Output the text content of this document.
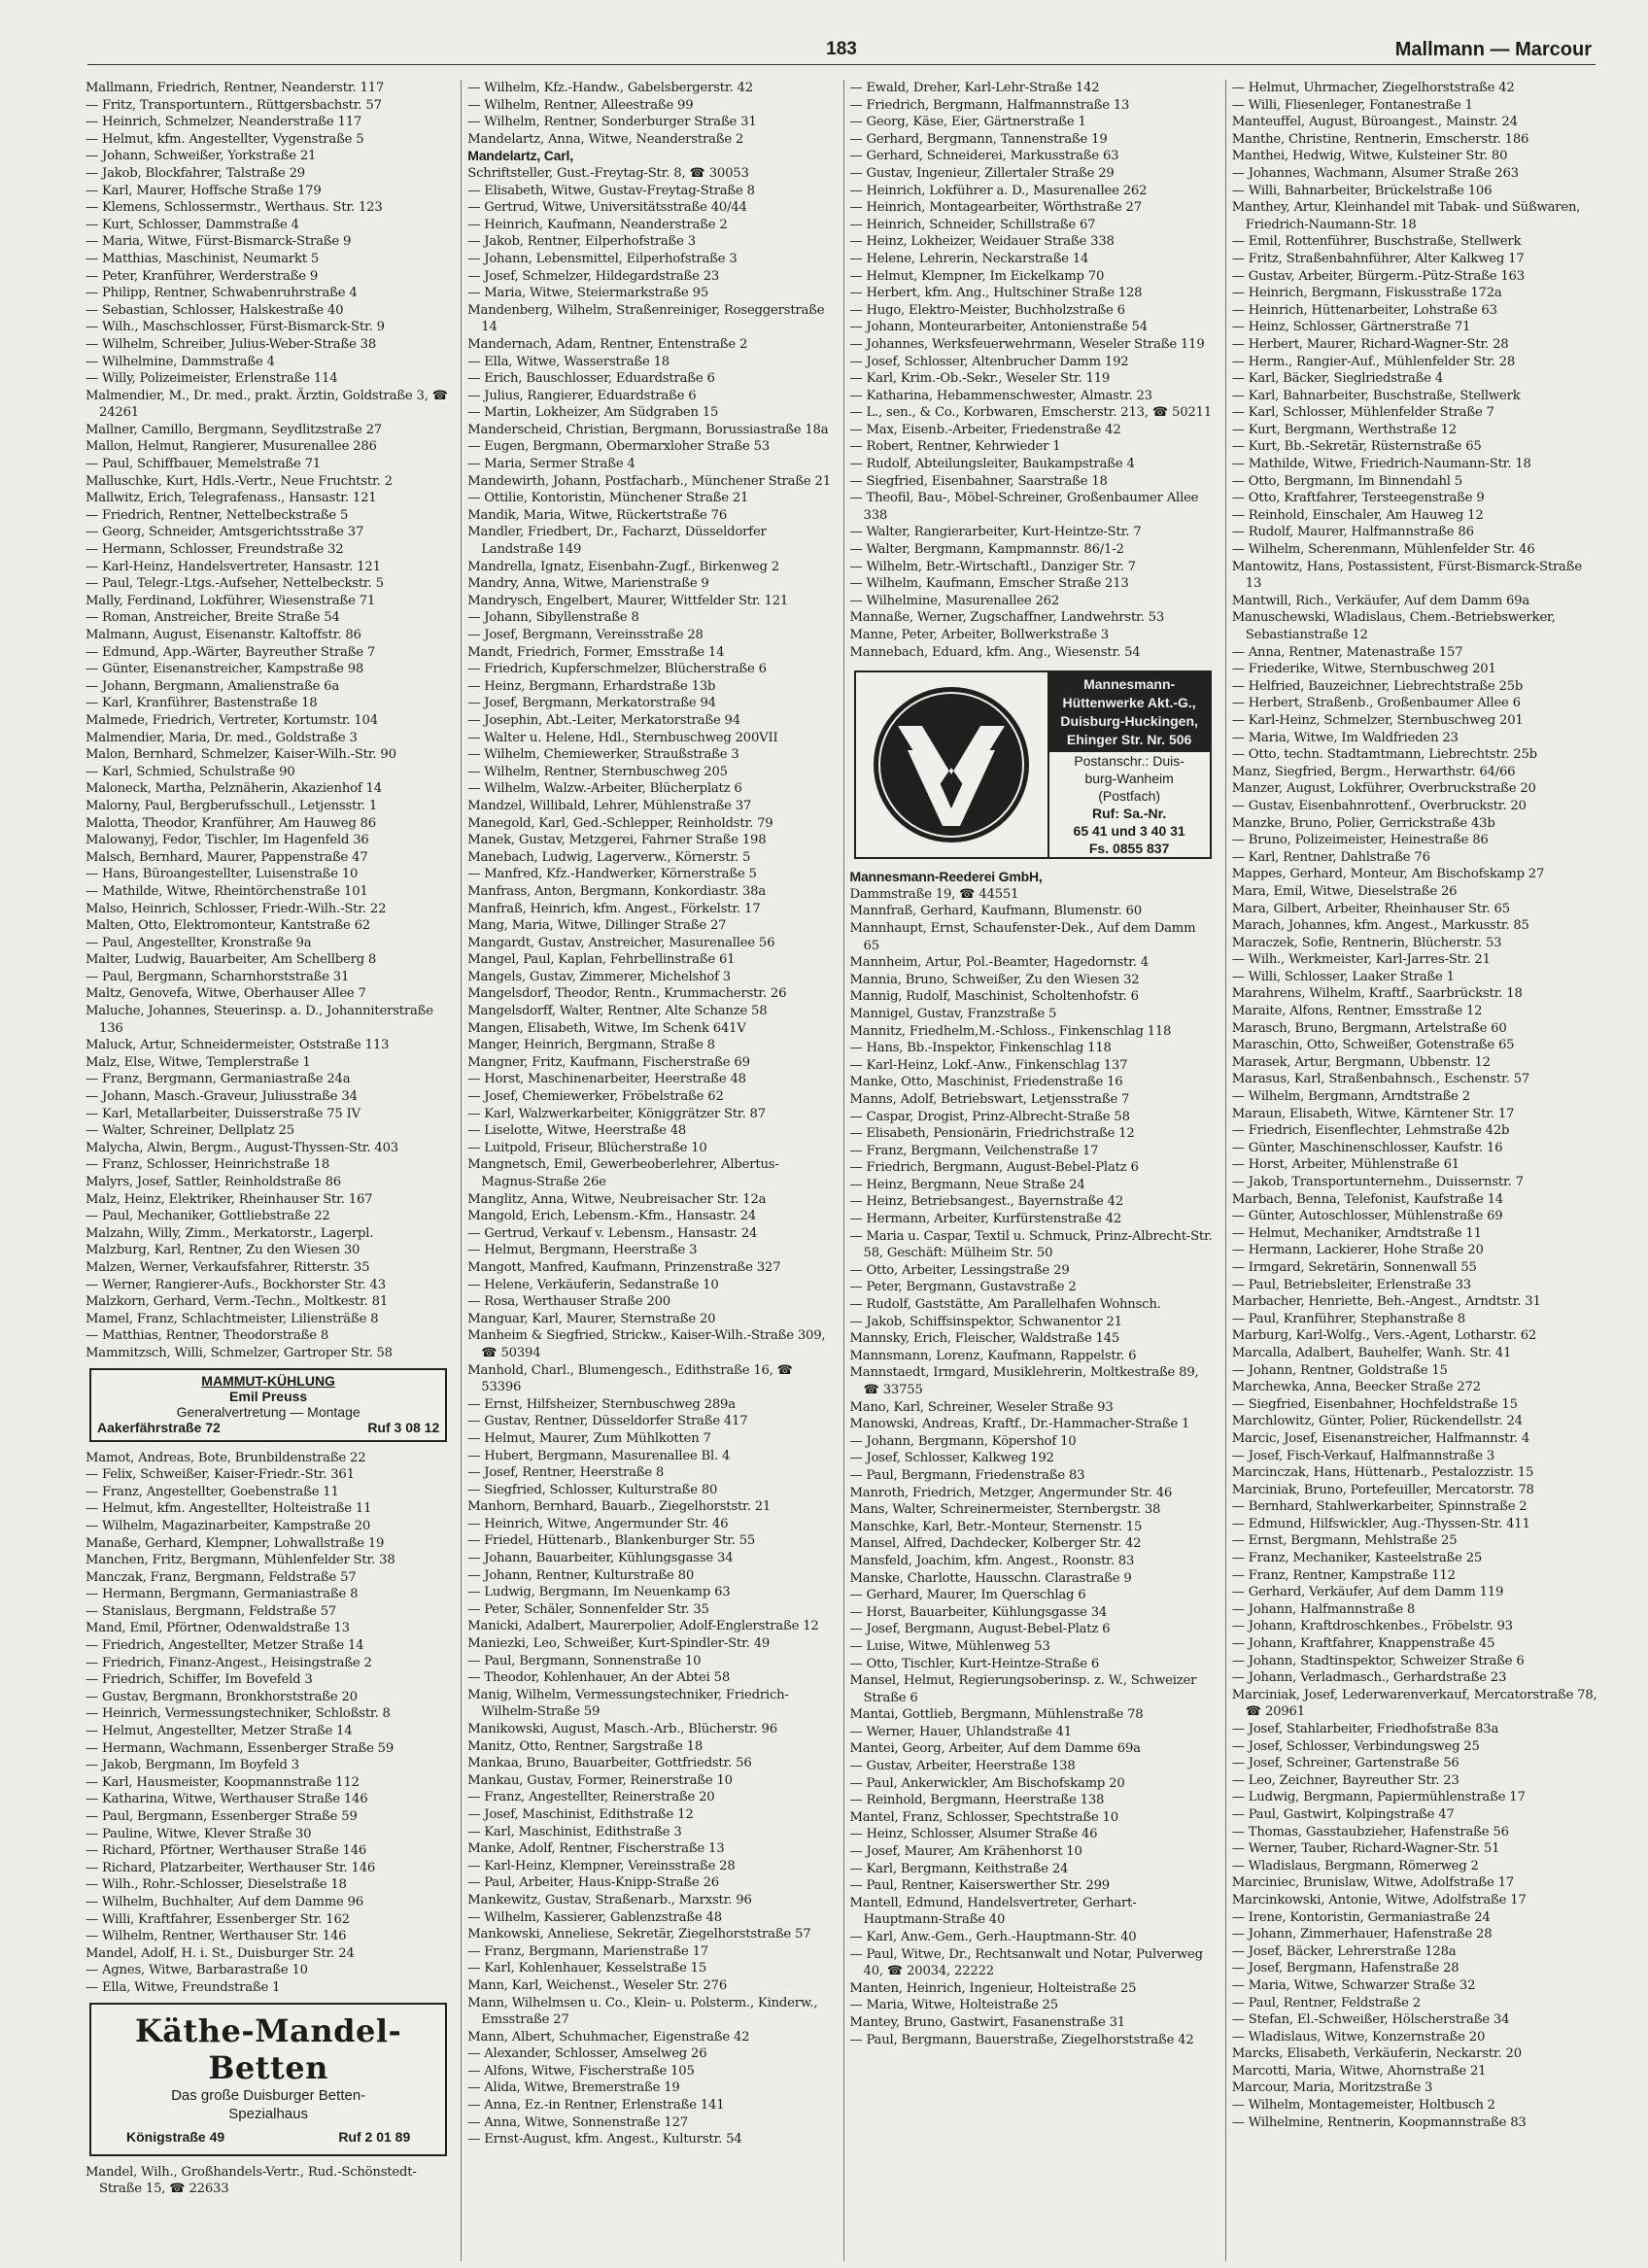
183	Mallmann — Marcour
Mallmann, Friedrich, Rentner, Neanderstr. 117
— Fritz, Transportuntern., Rüttgersbachstr. 57
— Heinrich, Schmelzer, Neanderstraße 117
— Helmut, kfm. Angestellter, Vygenstraße 5
— Johann, Schweißer, Yorkstraße 21
— Jakob, Blockfahrer, Talstraße 29
— Karl, Maurer, Hoffsche Straße 179
— Klemens, Schlossermstr., Werthaus. Str. 123
— Kurt, Schlosser, Dammstraße 4
— Maria, Witwe, Fürst-Bismarck-Straße 9
— Matthias, Maschinist, Neumarkt 5
— Peter, Kranführer, Werderstraße 9
— Philipp, Rentner, Schwabenruhrstraße 4
— Sebastian, Schlosser, Halskestraße 40
— Wilh., Maschschlosser, Fürst-Bismarck-Str. 9
— Wilhelm, Schreiber, Julius-Weber-Straße 38
— Wilhelmine, Dammstraße 4
— Willy, Polizeimeister, Erlenstraße 114
Malmendier, M., Dr. med., prakt. Ärztin, Goldstraße 3, ☎ 24261
Mallner, Camillo, Bergmann, Seydlitzstraße 27
Mallon, Helmut, Rangierer, Musurenallee 286
— Paul, Schiffbauer, Memelstraße 71
Malluschke, Kurt, Hdls.-Vertr., Neue Fruchtstr. 2
Mallwitz, Erich, Telegrafenass., Hansastr. 121
— Friedrich, Rentner, Nettelbeckstraße 5
— Georg, Schneider, Amtsgerichtsstraße 37
— Hermann, Schlosser, Freundstraße 32
— Karl-Heinz, Handelsvertreter, Hansastr. 121
— Paul, Telegr.-Ltgs.-Aufseher, Nettelbeckstr. 5
Mally, Ferdinand, Lokführer, Wiesenstraße 71
— Roman, Anstreicher, Breite Straße 54
Malmann, August, Eisenanstr. Kaltoffstr. 86
— Edmund, App.-Wärter, Bayreuther Straße 7
— Günter, Eisenanstreicher, Kampstraße 98
— Johann, Bergmann, Amalienstraße 6a
— Karl, Kranführer, Bastenstraße 18
Malmede, Friedrich, Vertreter, Kortumstr. 104
Malmendier, Maria, Dr. med., Goldstraße 3
Malon, Bernhard, Schmelzer, Kaiser-Wilh.-Str. 90
— Karl, Schmied, Schulstraße 90
Maloneck, Martha, Pelznäherin, Akazienhof 14
Malorny, Paul, Bergberufsschull., Letjensstr. 1
Malotta, Theodor, Kranführer, Am Hauweg 86
Malowanyj, Fedor, Tischler, Im Hagenfeld 36
Malsch, Bernhard, Maurer, Pappenstraße 47
— Hans, Büroangestellter, Luisenstraße 10
— Mathilde, Witwe, Rheintörchenstraße 101
Malso, Heinrich, Schlosser, Friedr.-Wilh.-Str. 22
Malten, Otto, Elektromonteur, Kantstraße 62
— Paul, Angestellter, Kronstraße 9a
Malter, Ludwig, Bauarbeiter, Am Schellberg 8
— Paul, Bergmann, Scharnhorststraße 31
Maltz, Genovefa, Witwe, Oberhauser Allee 7
Maluche, Johannes, Steuerinsp. a. D., Johanniterstraße 136
Maluck, Artur, Schneidermeister, Oststraße 113
Malz, Else, Witwe, Templerstraße 1
— Franz, Bergmann, Germaniastraße 24a
— Johann, Masch.-Graveur, Juliusstraße 34
— Karl, Metallarbeiter, Duisserstraße 75 IV
— Walter, Schreiner, Dellplatz 25
Malycha, Alwin, Bergm., August-Thyssen-Str. 403
— Franz, Schlosser, Heinrichstraße 18
Malyrs, Josef, Sattler, Reinholdstraße 86
Malz, Heinz, Elektriker, Rheinhauser Str. 167
— Paul, Mechaniker, Gottliebstraße 22
Malzahn, Willy, Zimm., Merkatorstr., Lagerpl.
Malzburg, Karl, Rentner, Zu den Wiesen 30
Malzen, Werner, Verkaufsfahrer, Ritterstr. 35
— Werner, Rangierer-Aufs., Bockhorster Str. 43
Malzkorn, Gerhard, Verm.-Techn., Moltkestr. 81
Mamel, Franz, Schlachtmeister, Liliensträße 8
— Matthias, Rentner, Theodorstraße 8
Mammitzsch, Willi, Schmelzer, Gartroper Str. 58
MAMMUT-KÜHLUNG
Emil Preuss
Generalvertretung — Montage
Aakerfährstraße 72	Ruf 3 08 12
Mamot, Andreas, Bote, Brunbildenstraße 22
— Felix, Schweißer, Kaiser-Friedr.-Str. 361
— Franz, Angestellter, Goebenstraße 11
— Helmut, kfm. Angestellter, Holteistraße 11
— Wilhelm, Magazinarbeiter, Kampstraße 20
Manaße, Gerhard, Klempner, Lohwallstraße 19
Manchen, Fritz, Bergmann, Mühlenfelder Str. 38
Manczak, Franz, Bergmann, Feldstraße 57
— Hermann, Bergmann, Germaniastraße 8
— Stanislaus, Bergmann, Feldstraße 57
Mand, Emil, Pförtner, Odenwaldstraße 13
— Friedrich, Angestellter, Metzer Straße 14
— Friedrich, Finanz-Angest., Heisingstraße 2
— Friedrich, Schiffer, Im Bovefeld 3
— Gustav, Bergmann, Bronkhorststraße 20
— Heinrich, Vermessungstechniker, Schloßstr. 8
— Helmut, Angestellter, Metzer Straße 14
— Hermann, Wachmann, Essenberger Straße 59
— Jakob, Bergmann, Im Boyfeld 3
— Karl, Hausmeister, Koopmannstraße 112
— Katharina, Witwe, Werthauser Straße 146
— Paul, Bergmann, Essenberger Straße 59
— Pauline, Witwe, Klever Straße 30
— Richard, Pförtner, Werthauser Straße 146
— Richard, Platzarbeiter, Werthauser Str. 146
— Wilh., Rohr.-Schlosser, Dieselstraße 18
— Wilhelm, Buchhalter, Auf dem Damme 96
— Willi, Kraftfahrer, Essenberger Str. 162
— Wilhelm, Rentner, Werthauser Str. 146
Mandel, Adolf, H. i. St., Duisburger Str. 24
— Agnes, Witwe, Barbarastraße 10
— Ella, Witwe, Freundstraße 1
Käthe-Mandel-Betten
Das große Duisburger Betten-
Spezialhaus
Königstraße 49	Ruf 2 01 89
Mandel, Wilh., Großhandels-Vertr., Rud.-Schönstedt-Straße 15, ☎ 22633
— Wilhelm, Kfz.-Handw., Gabelsbergerstr. 42
— Wilhelm, Rentner, Alleestraße 99
— Wilhelm, Rentner, Sonderburger Straße 31
Mandelartz, Anna, Witwe, Neanderstraße 2
Mandelartz, Carl,
Schriftsteller, Gust.-Freytag-Str. 8, ☎ 30053
— Elisabeth, Witwe, Gustav-Freytag-Straße 8
— Gertrud, Witwe, Universitätsstraße 40/44
— Heinrich, Kaufmann, Neanderstraße 2
— Jakob, Rentner, Eilperhofstraße 3
— Johann, Lebensmittel, Eilperhofstraße 3
— Josef, Schmelzer, Hildegardstraße 23
— Maria, Witwe, Steiermarkstraße 95
Mandenberg, Wilhelm, Straßenreiniger, Roseggerstraße 14
Mandernach, Adam, Rentner, Entenstraße 2
— Ella, Witwe, Wasserstraße 18
— Erich, Bauschlosser, Eduardstraße 6
— Julius, Rangierer, Eduardstraße 6
— Martin, Lokheizer, Am Südgraben 15
Manderscheid, Christian, Bergmann, Borussiastraße 18a
— Eugen, Bergmann, Obermarxloher Straße 53
— Maria, Sermer Straße 4
Mandewirth, Johann, Postfacharb., Münchener Straße 21
— Ottilie, Kontoristin, Münchener Straße 21
Mandik, Maria, Witwe, Rückertstraße 76
Mandler, Friedbert, Dr., Facharzt, Düsseldorfer Landstraße 149
Mandrella, Ignatz, Eisenbahn-Zugf., Birkenweg 2
Mandry, Anna, Witwe, Marienstraße 9
Mandrysch, Engelbert, Maurer, Wittfelder Str. 121
— Johann, Sibyllenstraße 8
— Josef, Bergmann, Vereinsstraße 28
Mandt, Friedrich, Former, Emsstraße 14
— Friedrich, Kupferschmelzer, Blücherstraße 6
— Heinz, Bergmann, Erhardstraße 13b
— Josef, Bergmann, Merkatorstraße 94
— Josephin, Abt.-Leiter, Merkatorstraße 94
— Walter u. Helene, Hdl., Sternbuschweg 200VII
— Wilhelm, Chemiewerker, Straußstraße 3
— Wilhelm, Rentner, Sternbuschweg 205
— Wilhelm, Walzw.-Arbeiter, Blücherplatz 6
Mandzel, Willibald, Lehrer, Mühlenstraße 37
Manegold, Karl, Ged.-Schlepper, Reinholdstr. 79
Manek, Gustav, Metzgerei, Fahrner Straße 198
Manebach, Ludwig, Lagerverw., Körnerstr. 5
— Manfred, Kfz.-Handwerker, Körnerstraße 5
Manfrass, Anton, Bergmann, Konkordiastr. 38a
Manfraß, Heinrich, kfm. Angest., Förkelstr. 17
Mang, Maria, Witwe, Dillinger Straße 27
Mangardt, Gustav, Anstreicher, Masurenallee 56
Mangel, Paul, Kaplan, Fehrbellinstraße 61
Mangels, Gustav, Zimmerer, Michelshof 3
Mangelsdorf, Theodor, Rentn., Krummacherstr. 26
Mangelsdorff, Walter, Rentner, Alte Schanze 58
Mangen, Elisabeth, Witwe, Im Schenk 641V
Manger, Heinrich, Bergmann, Straße 8
Mangner, Fritz, Kaufmann, Fischerstraße 69
— Horst, Maschinenarbeiter, Heerstraße 48
— Josef, Chemiewerker, Fröbelstraße 62
— Karl, Walzwerkarbeiter, Königgrätzer Str. 87
— Liselotte, Witwe, Heerstraße 48
— Luitpold, Friseur, Blücherstraße 10
Mangnetsch, Emil, Gewerbeoberlehrer, Albertus-Magnus-Straße 26e
Manglitz, Anna, Witwe, Neubreisacher Str. 12a
Mangold, Erich, Lebensm.-Kfm., Hansastr. 24
— Gertrud, Verkauf v. Lebensm., Hansastr. 24
— Helmut, Bergmann, Heerstraße 3
Mangott, Manfred, Kaufmann, Prinzenstraße 327
— Helene, Verkäuferin, Sedanstraße 10
— Rosa, Werthauser Straße 200
Manguar, Karl, Maurer, Sternstraße 20
Manheim & Siegfried, Strickw., Kaiser-Wilh.-Straße 309, ☎ 50394
Manhold, Charl., Blumengesch., Edithstraße 16, ☎ 53396
— Ernst, Hilfsheizer, Sternbuschweg 289a
— Gustav, Rentner, Düsseldorfer Straße 417
— Helmut, Maurer, Zum Mühlkotten 7
— Hubert, Bergmann, Masurenallee Bl. 4
— Josef, Rentner, Heerstraße 8
— Siegfried, Schlosser, Kulturstraße 80
Manhorn, Bernhard, Bauarb., Ziegelhorststr. 21
— Heinrich, Witwe, Angermunder Str. 46
— Friedel, Hüttenarb., Blankenburger Str. 55
— Johann, Bauarbeiter, Kühlungsgasse 34
— Johann, Rentner, Kulturstraße 80
— Ludwig, Bergmann, Im Neuenkamp 63
— Peter, Schäler, Sonnenfelder Str. 35
Manicki, Adalbert, Maurerpolier, Adolf-Englerstraße 12
Maniezki, Leo, Schweißer, Kurt-Spindler-Str. 49
— Paul, Bergmann, Sonnenstraße 10
— Theodor, Kohlenhauer, An der Abtei 58
Manig, Wilhelm, Vermessungstechniker, Friedrich-Wilhelm-Straße 59
Manikowski, August, Masch.-Arb., Blücherstr. 96
Manitz, Otto, Rentner, Sargstraße 18
Mankaa, Bruno, Bauarbeiter, Gottfriedstr. 56
Mankau, Gustav, Former, Reinerstraße 10
— Franz, Angestellter, Reinerstraße 20
— Josef, Maschinist, Edithstraße 12
— Karl, Maschinist, Edithstraße 3
Manke, Adolf, Rentner, Fischerstraße 13
— Karl-Heinz, Klempner, Vereinsstraße 28
— Paul, Arbeiter, Haus-Knipp-Straße 26
Mankewitz, Gustav, Straßenarb., Marxstr. 96
— Wilhelm, Kassierer, Gablenzstraße 48
Mankowski, Anneliese, Sekretär, Ziegelhorststraße 57
— Franz, Bergmann, Marienstraße 17
— Karl, Kohlenhauer, Kesselstraße 15
Mann, Karl, Weichenst., Weseler Str. 276
Mann, Wilhelmsen u. Co., Klein- u. Polsterm., Kinderw., Emsstraße 27
Mann, Albert, Schuhmacher, Eigenstraße 42
— Alexander, Schlosser, Amselweg 26
— Alfons, Witwe, Fischerstraße 105
— Alida, Witwe, Bremerstraße 19
— Anna, Ez.-in Rentner, Erlenstraße 141
— Anna, Witwe, Sonnenstraße 127
— Ernst-August, kfm. Angest., Kulturstr. 54
— Ewald, Dreher, Karl-Lehr-Straße 142
— Friedrich, Bergmann, Halfmannstraße 13
— Georg, Käse, Eier, Gärtnerstraße 1
— Gerhard, Bergmann, Tannenstraße 19
— Gerhard, Schneiderei, Markusstraße 63
— Gustav, Ingenieur, Zillertaler Straße 29
— Heinrich, Lokführer a. D., Masurenallee 262
— Heinrich, Montagearbeiter, Wörthstraße 27
— Heinrich, Schneider, Schillstraße 67
— Heinz, Lokheizer, Weidauer Straße 338
— Helene, Lehrerin, Neckarstraße 14
— Helmut, Klempner, Im Eickelkamp 70
— Herbert, kfm. Ang., Hultschiner Straße 128
— Hugo, Elektro-Meister, Buchholzstraße 6
— Johann, Monteurarbeiter, Antonienstraße 54
— Johannes, Werksfeuerwehrmann, Weseler Straße 119
— Josef, Schlosser, Altenbrucher Damm 192
— Karl, Krim.-Ob.-Sekr., Weseler Str. 119
— Katharina, Hebammenschwester, Almastr. 23
— L., sen., & Co., Korbwaren, Emscherstr. 213, ☎ 50211
— Max, Eisenb.-Arbeiter, Friedenstraße 42
— Robert, Rentner, Kehrwieder 1
— Rudolf, Abteilungsleiter, Baukampstraße 4
— Siegfried, Eisenbahner, Saarstraße 18
— Theofil, Bau-, Möbel-Schreiner, Großenbaumer Allee 338
— Walter, Rangierarbeiter, Kurt-Heintze-Str. 7
— Walter, Bergmann, Kampmannstr. 86/1-2
— Wilhelm, Betr.-Wirtschaftl., Danziger Str. 7
— Wilhelm, Kaufmann, Emscher Straße 213
— Wilhelmine, Masurenallee 262
Mannaße, Werner, Zugschaffner, Landwehrstr. 53
Manne, Peter, Arbeiter, Bollwerkstraße 3
Mannebach, Eduard, kfm. Ang., Wiesenstr. 54
Mannesmann-Hüttenwerke Akt.-G., Duisburg-Huckingen, Ehinger Str. Nr. 506
Postanschr.: Duis-
burg-Wanheim
(Postfach)
Ruf: Sa.-Nr.
65 41 und 3 40 31
Fs. 0855 837
Mannesmann-Reederei GmbH,
Dammstraße 19, ☎ 44551
Mannfraß, Gerhard, Kaufmann, Blumenstr. 60
Mannhaupt, Ernst, Schaufenster-Dek., Auf dem Damm 65
Mannheim, Artur, Pol.-Beamter, Hagedornstr. 4
Mannia, Bruno, Schweißer, Zu den Wiesen 32
Mannig, Rudolf, Maschinist, Scholtenhofstr. 6
Mannigel, Gustav, Franzstraße 5
Mannitz, Friedhelm,M.-Schloss., Finkenschlag 118
— Hans, Bb.-Inspektor, Finkenschlag 118
— Karl-Heinz, Lokf.-Anw., Finkenschlag 137
Manke, Otto, Maschinist, Friedenstraße 16
Manns, Adolf, Betriebswart, Letjensstraße 7
— Caspar, Drogist, Prinz-Albrecht-Straße 58
— Elisabeth, Pensionärin, Friedrichstraße 12
— Franz, Bergmann, Veilchenstraße 17
— Friedrich, Bergmann, August-Bebel-Platz 6
— Heinz, Bergmann, Neue Straße 24
— Heinz, Betriebsangest., Bayernstraße 42
— Hermann, Arbeiter, Kurfürstenstraße 42
— Maria u. Caspar, Textil u. Schmuck, Prinz-Albrecht-Str. 58, Geschäft: Mülheim Str. 50
— Otto, Arbeiter, Lessingstraße 29
— Peter, Bergmann, Gustavstraße 2
— Rudolf, Gaststätte, Am Parallelhafen Wohnsch.
— Jakob, Schiffsinspektor, Schwanentor 21
Mannsky, Erich, Fleischer, Waldstraße 145
Mannsmann, Lorenz, Kaufmann, Rappelstr. 6
Mannstaedt, Irmgard, Musiklehrerin, Moltkestraße 89, ☎ 33755
Mano, Karl, Schreiner, Weseler Straße 93
Manowski, Andreas, Kraftf., Dr.-Hammacher-Straße 1
— Johann, Bergmann, Köpershof 10
— Josef, Schlosser, Kalkweg 192
— Paul, Bergmann, Friedenstraße 83
Manroth, Friedrich, Metzger, Angermunder Str. 46
Mans, Walter, Schreinermeister, Sternbergstr. 38
Manschke, Karl, Betr.-Monteur, Sternenstr. 15
Mansel, Alfred, Dachdecker, Kolberger Str. 42
Mansfeld, Joachim, kfm. Angest., Roonstr. 83
Manske, Charlotte, Hausschn. Clarastraße 9
— Gerhard, Maurer, Im Querschlag 6
— Horst, Bauarbeiter, Kühlungsgasse 34
— Josef, Bergmann, August-Bebel-Platz 6
— Luise, Witwe, Mühlenweg 53
— Otto, Tischler, Kurt-Heintze-Straße 6
Mansel, Helmut, Regierungsoberinsp. z. W., Schweizer Straße 6
Mantai, Gottlieb, Bergmann, Mühlenstraße 78
— Werner, Hauer, Uhlandstraße 41
Mantei, Georg, Arbeiter, Auf dem Damme 69a
— Gustav, Arbeiter, Heerstraße 138
— Paul, Ankerwickler, Am Bischofskamp 20
— Reinhold, Bergmann, Heerstraße 138
Mantel, Franz, Schlosser, Spechtstraße 10
— Heinz, Schlosser, Alsumer Straße 46
— Josef, Maurer, Am Krähenhorst 10
— Karl, Bergmann, Keithstraße 24
— Paul, Rentner, Kaiserswerther Str. 299
Mantell, Edmund, Handelsvertreter, Gerhart-Hauptmann-Straße 40
— Karl, Anw.-Gem., Gerh.-Hauptmann-Str. 40
— Paul, Witwe, Dr., Rechtsanwalt und Notar, Pulverweg 40, ☎ 20034, 22222
Manten, Heinrich, Ingenieur, Holteistraße 25
— Maria, Witwe, Holteistraße 25
Mantey, Bruno, Gastwirt, Fasanenstraße 31
— Paul, Bergmann, Bauerstraße, Ziegelhorststraße 42
— Helmut, Uhrmacher, Ziegelhorststraße 42
— Willi, Fliesenleger, Fontanestraße 1
Manteuffel, August, Büroangest., Mainstr. 24
Manthe, Christine, Rentnerin, Emscherstr. 186
Manthei, Hedwig, Witwe, Kulsteiner Str. 80
— Johannes, Wachmann, Alsumer Straße 263
— Willi, Bahnarbeiter, Brückelstraße 106
Manthey, Artur, Kleinhandel mit Tabak- und Süßwaren, Friedrich-Naumann-Str. 18
— Emil, Rottenführer, Buschstraße, Stellwerk
— Fritz, Straßenbahnführer, Alter Kalkweg 17
— Gustav, Arbeiter, Bürgerm.-Pütz-Straße 163
— Heinrich, Bergmann, Fiskusstraße 172a
— Heinrich, Hüttenarbeiter, Lohstraße 63
— Heinz, Schlosser, Gärtnerstraße 71
— Herbert, Maurer, Richard-Wagner-Str. 28
— Herm., Rangier-Auf., Mühlenfelder Str. 28
— Karl, Bäcker, Sieglriedstraße 4
— Karl, Bahnarbeiter, Buschstraße, Stellwerk
— Karl, Schlosser, Mühlenfelder Straße 7
— Kurt, Bergmann, Werthstraße 12
— Kurt, Bb.-Sekretär, Rüsternstraße 65
— Mathilde, Witwe, Friedrich-Naumann-Str. 18
— Otto, Bergmann, Im Binnendahl 5
— Otto, Kraftfahrer, Tersteegenstraße 9
— Reinhold, Einschaler, Am Hauweg 12
— Rudolf, Maurer, Halfmannstraße 86
— Wilhelm, Scherenmann, Mühlenfelder Str. 46
Mantowitz, Hans, Postassistent, Fürst-Bismarck-Straße 13
Mantwill, Rich., Verkäufer, Auf dem Damm 69a
Manuschewski, Wladislaus, Chem.-Betriebswerker, Sebastianstraße 12
— Anna, Rentner, Matenastraße 157
— Friederike, Witwe, Sternbuschweg 201
— Helfried, Bauzeichner, Liebrechtstraße 25b
— Herbert, Straßenb., Großenbaumer Allee 6
— Karl-Heinz, Schmelzer, Sternbuschweg 201
— Maria, Witwe, Im Waldfrieden 23
— Otto, techn. Stadtamtmann, Liebrechtstr. 25b
Manz, Siegfried, Bergm., Herwarthstr. 64/66
Manzer, August, Lokführer, Overbruckstraße 20
— Gustav, Eisenbahnrottenf., Overbruckstr. 20
Manzke, Bruno, Polier, Gerrickstraße 43b
— Bruno, Polizeimeister, Heinestraße 86
— Karl, Rentner, Dahlstraße 76
Mappes, Gerhard, Monteur, Am Bischofskamp 27
Mara, Emil, Witwe, Dieselstraße 26
Mara, Gilbert, Arbeiter, Rheinhauser Str. 65
Marach, Johannes, kfm. Angest., Markusstr. 85
Maraczek, Sofie, Rentnerin, Blücherstr. 53
— Wilh., Werkmeister, Karl-Jarres-Str. 21
— Willi, Schlosser, Laaker Straße 1
Marahrens, Wilhelm, Kraftf., Saarbrückstr. 18
Maraite, Alfons, Rentner, Emsstraße 12
Marasch, Bruno, Bergmann, Artelstraße 60
Maraschin, Otto, Schweißer, Gotenstraße 65
Marasek, Artur, Bergmann, Ubbenstr. 12
Marasus, Karl, Straßenbahnsch., Eschenstr. 57
— Wilhelm, Bergmann, Arndtstraße 2
Maraun, Elisabeth, Witwe, Kärntener Str. 17
— Friedrich, Eisenflechter, Lehmstraße 42b
— Günter, Maschinenschlosser, Kaufstr. 16
— Horst, Arbeiter, Mühlenstraße 61
— Jakob, Transportunternehm., Duissernstr. 7
Marbach, Benna, Telefonist, Kaufstraße 14
— Günter, Autoschlosser, Mühlenstraße 69
— Helmut, Mechaniker, Arndtstraße 11
— Hermann, Lackierer, Hohe Straße 20
— Irmgard, Sekretärin, Sonnenwall 55
— Paul, Betriebsleiter, Erlenstraße 33
Marbacher, Henriette, Beh.-Angest., Arndtstr. 31
— Paul, Kranführer, Stephanstraße 8
Marburg, Karl-Wolfg., Vers.-Agent, Lotharstr. 62
Marcalla, Adalbert, Bauhelfer, Wanh. Str. 41
— Johann, Rentner, Goldstraße 15
Marchewka, Anna, Beecker Straße 272
— Siegfried, Eisenbahner, Hochfeldstraße 15
Marchlowitz, Günter, Polier, Rückendellstr. 24
Marcic, Josef, Eisenanstreicher, Halfmannstr. 4
— Josef, Fisch-Verkauf, Halfmannstraße 3
Marcinczak, Hans, Hüttenarb., Pestalozzistr. 15
Marciniak, Bruno, Portefeuiller, Mercatorstr. 78
— Bernhard, Stahlwerkarbeiter, Spinnstraße 2
— Edmund, Hilfswickler, Aug.-Thyssen-Str. 411
— Ernst, Bergmann, Mehlstraße 25
— Franz, Mechaniker, Kasteelstraße 25
— Franz, Rentner, Kampstraße 112
— Gerhard, Verkäufer, Auf dem Damm 119
— Johann, Halfmannstraße 8
— Johann, Kraftdroschkenbes., Fröbelstr. 93
— Johann, Kraftfahrer, Knappenstraße 45
— Johann, Stadtinspektor, Schweizer Straße 6
— Johann, Verladmasch., Gerhardstraße 23
Marciniak, Josef, Lederwarenverkauf, Mercatorstraße 78, ☎ 20961
— Josef, Stahlarbeiter, Friedhofstraße 83a
— Josef, Schlosser, Verbindungsweg 25
— Josef, Schreiner, Gartenstraße 56
— Leo, Zeichner, Bayreuther Str. 23
— Ludwig, Bergmann, Papiermühlenstraße 17
— Paul, Gastwirt, Kolpingstraße 47
— Thomas, Gasstaubzieher, Hafenstraße 56
— Werner, Tauber, Richard-Wagner-Str. 51
— Wladislaus, Bergmann, Römerweg 2
Marcinieс, Brunislaw, Witwe, Adolfstraße 17
Marcinkowski, Antonie, Witwe, Adolfstraße 17
— Irene, Kontoristin, Germaniastraße 24
— Johann, Zimmerhauer, Hafenstraße 28
— Josef, Bäcker, Lehrerstraße 128a
— Josef, Bergmann, Hafenstraße 28
— Maria, Witwe, Schwarzer Straße 32
— Paul, Rentner, Feldstraße 2
— Stefan, El.-Schweißer, Hölscherstraße 34
— Wladislaus, Witwe, Konzernstraße 20
Marcks, Elisabeth, Verkäuferin, Neckarstr. 20
Marcotti, Maria, Witwe, Ahornstraße 21
Marcour, Maria, Moritzstraße 3
— Wilhelm, Montagemeister, Holtbusch 2
— Wilhelmine, Rentnerin, Koopmannstraße 83
